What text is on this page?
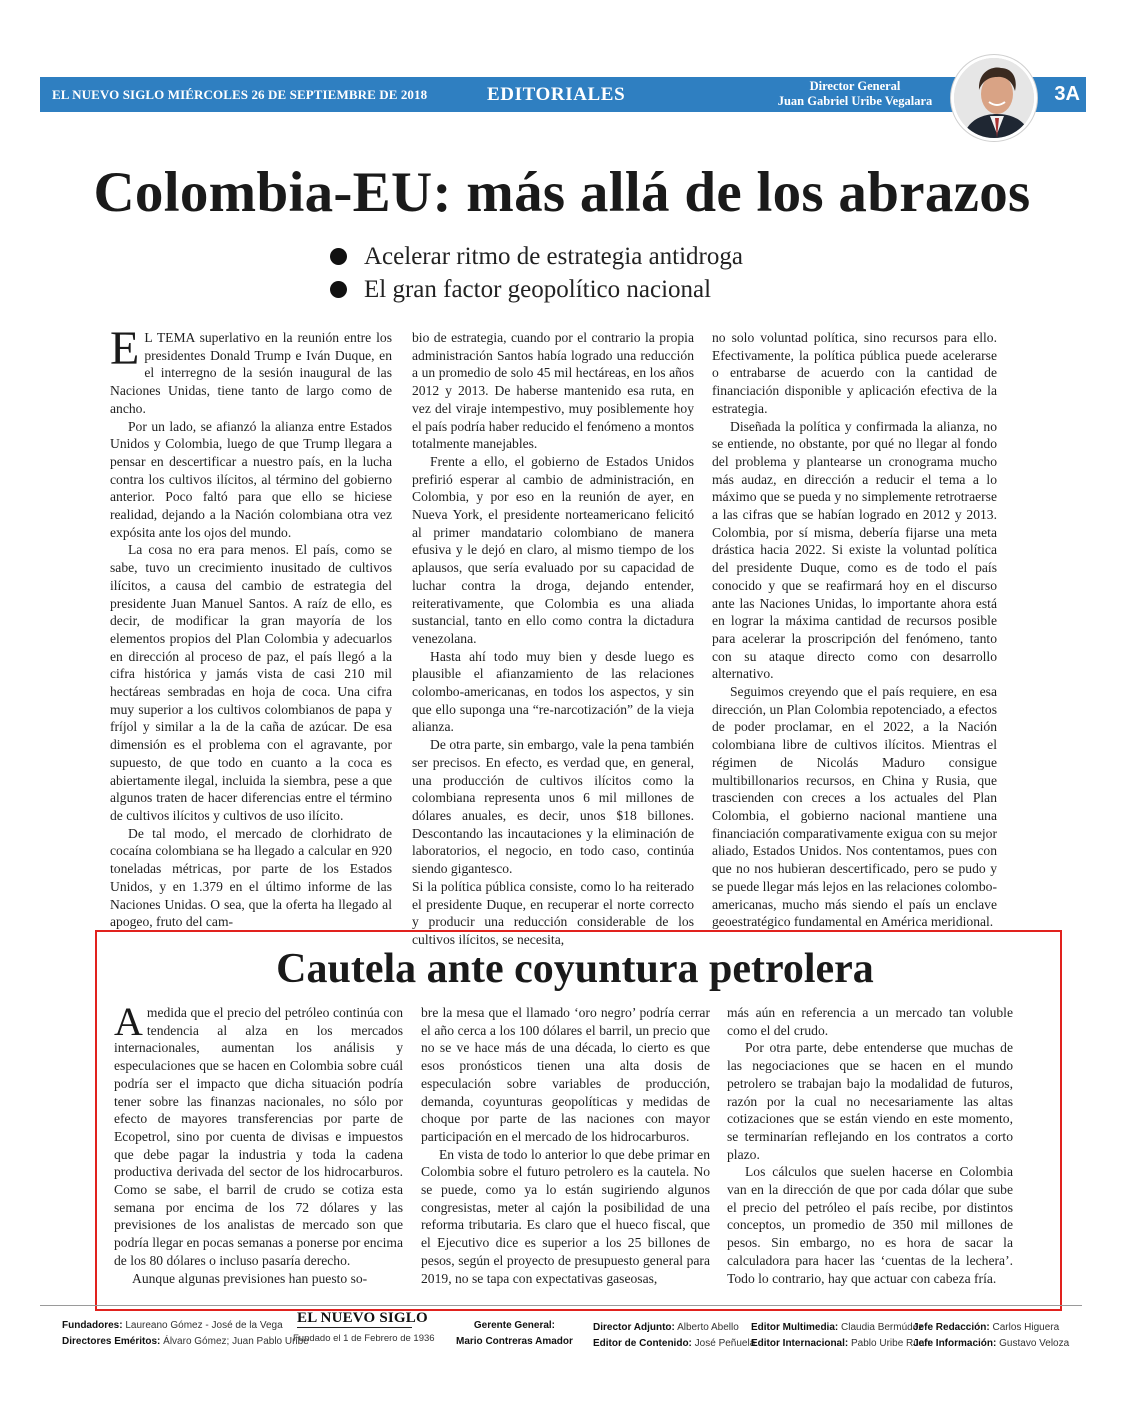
EL NUEVO SIGLO MIÉRCOLES 26 DE SEPTIEMBRE DE 2018	EDITORIALES	Director General
Juan Gabriel Uribe Vegalara	3A
Colombia-EU: más allá de los abrazos
Acelerar ritmo de estrategia antidroga
El gran factor geopolítico nacional

E L TEMA superlativo en la reunión entre los presidentes Donald Trump e Iván Duque, en el interregno de la sesión inaugural de las Naciones Unidas, tiene tanto de largo como de ancho.

Por un lado, se afianzó la alianza entre Estados Unidos y Colombia, luego de que Trump llegara a pensar en descertificar a nuestro país, en la lucha contra los cultivos ilícitos, al término del gobierno anterior. Poco faltó para que ello se hiciese realidad, dejando a la Nación colombiana otra vez expósita ante los ojos del mundo.

La cosa no era para menos. El país, como se sabe, tuvo un crecimiento inusitado de cultivos ilícitos, a causa del cambio de estrategia del presidente Juan Manuel Santos. A raíz de ello, es decir, de modificar la gran mayoría de los elementos propios del Plan Colombia y adecuarlos en dirección al proceso de paz, el país llegó a la cifra histórica y jamás vista de casi 210 mil hectáreas sembradas en hoja de coca. Una cifra muy superior a los cultivos colombianos de papa y fríjol y similar a la de la caña de azúcar. De esa dimensión es el problema con el agravante, por supuesto, de que todo en cuanto a la coca es abiertamente ilegal, incluida la siembra, pese a que algunos traten de hacer diferencias entre el término de cultivos ilícitos y cultivos de uso ilícito.

De tal modo, el mercado de clorhidrato de cocaína colombiana se ha llegado a calcular en 920 toneladas métricas, por parte de los Estados Unidos, y en 1.379 en el último informe de las Naciones Unidas. O sea, que la oferta ha llegado al apogeo, fruto del cam-

bio de estrategia, cuando por el contrario la propia administración Santos había logrado una reducción a un promedio de solo 45 mil hectáreas, en los años 2012 y 2013. De haberse mantenido esa ruta, en vez del viraje intempestivo, muy posiblemente hoy el país podría haber reducido el fenómeno a montos totalmente manejables.

Frente a ello, el gobierno de Estados Unidos prefirió esperar al cambio de administración, en Colombia, y por eso en la reunión de ayer, en Nueva York, el presidente norteamericano felicitó al primer mandatario colombiano de manera efusiva y le dejó en claro, al mismo tiempo de los aplausos, que sería evaluado por su capacidad de luchar contra la droga, dejando entender, reiterativamente, que Colombia es una aliada sustancial, tanto en ello como contra la dictadura venezolana.

Hasta ahí todo muy bien y desde luego es plausible el afianzamiento de las relaciones colombo-americanas, en todos los aspectos, y sin que ello suponga una “re-narcotización” de la vieja alianza.

De otra parte, sin embargo, vale la pena también ser precisos. En efecto, es verdad que, en general, una producción de cultivos ilícitos como la colombiana representa unos 6 mil millones de dólares anuales, es decir, unos $18 billones. Descontando las incautaciones y la eliminación de laboratorios, el negocio, en todo caso, continúa siendo gigantesco.

Si la política pública consiste, como lo ha reiterado el presidente Duque, en recuperar el norte correcto y producir una reducción considerable de los cultivos ilícitos, se necesita,

no solo voluntad política, sino recursos para ello. Efectivamente, la política pública puede acelerarse o entrabarse de acuerdo con la cantidad de financiación disponible y aplicación efectiva de la estrategia.

Diseñada la política y confirmada la alianza, no se entiende, no obstante, por qué no llegar al fondo del problema y plantearse un cronograma mucho más audaz, en dirección a reducir el tema a lo máximo que se pueda y no simplemente retrotraerse a las cifras que se habían logrado en 2012 y 2013. Colombia, por sí misma, debería fijarse una meta drástica hacia 2022. Si existe la voluntad política del presidente Duque, como es de todo el país conocido y que se reafirmará hoy en el discurso ante las Naciones Unidas, lo importante ahora está en lograr la máxima cantidad de recursos posible para acelerar la proscripción del fenómeno, tanto con su ataque directo como con desarrollo alternativo.

Seguimos creyendo que el país requiere, en esa dirección, un Plan Colombia repotenciado, a efectos de poder proclamar, en el 2022, a la Nación colombiana libre de cultivos ilícitos. Mientras el régimen de Nicolás Maduro consigue multibillonarios recursos, en China y Rusia, que trascienden con creces a los actuales del Plan Colombia, el gobierno nacional mantiene una financiación comparativamente exigua con su mejor aliado, Estados Unidos. Nos contentamos, pues con que no nos hubieran descertificado, pero se pudo y se puede llegar más lejos en las relaciones colombo-americanas, mucho más siendo el país un enclave geoestratégico fundamental en América meridional.

Cautela ante coyuntura petrolera

Amedida que el precio del petróleo continúa con tendencia al alza en los mercados internacionales, aumentan los análisis y especulaciones que se hacen en Colombia sobre cuál podría ser el impacto que dicha situación podría tener sobre las finanzas nacionales, no sólo por efecto de mayores transferencias por parte de Ecopetrol, sino por cuenta de divisas e impuestos que debe pagar la industria y toda la cadena productiva derivada del sector de los hidrocarburos. Como se sabe, el barril de crudo se cotiza esta semana por encima de los 72 dólares y las previsiones de los analistas de mercado son que podría llegar en pocas semanas a ponerse por encima de los 80 dólares o incluso pasaría derecho.

Aunque algunas previsiones han puesto so-

bre la mesa que el llamado ‘oro negro’ podría cerrar el año cerca a los 100 dólares el barril, un precio que no se ve hace más de una década, lo cierto es que esos pronósticos tienen una alta dosis de especulación sobre variables de producción, demanda, coyunturas geopolíticas y medidas de choque por parte de las naciones con mayor participación en el mercado de los hidrocarburos.

En vista de todo lo anterior lo que debe primar en Colombia sobre el futuro petrolero es la cautela. No se puede, como ya lo están sugiriendo algunos congresistas, meter al cajón la posibilidad de una reforma tributaria. Es claro que el hueco fiscal, que el Ejecutivo dice es superior a los 25 billones de pesos, según el proyecto de presupuesto general para 2019, no se tapa con expectativas gaseosas,

más aún en referencia a un mercado tan voluble como el del crudo.

Por otra parte, debe entenderse que muchas de las negociaciones que se hacen en el mundo petrolero se trabajan bajo la modalidad de futuros, razón por la cual no necesariamente las altas cotizaciones que se están viendo en este momento, se terminarían reflejando en los contratos a corto plazo.

Los cálculos que suelen hacerse en Colombia van en la dirección de que por cada dólar que sube el precio del petróleo el país recibe, por distintos conceptos, un promedio de 350 mil millones de pesos. Sin embargo, no es hora de sacar la calculadora para hacer las ‘cuentas de la lechera’. Todo lo contrario, hay que actuar con cabeza fría.

Fundadores: Laureano Gómez - José de la Vega
Directores Eméritos: Álvaro Gómez; Juan Pablo Uribe
EL NUEVO SIGLO
Fundado el 1 de Febrero de 1936
Gerente General:
Mario Contreras Amador
Director Adjunto: Alberto Abello
Editor de Contenido: José Peñuela
Editor Multimedia: Claudia Bermúdez
Editor Internacional: Pablo Uribe Ruan
Jefe Redacción: Carlos Higuera
Jefe Información: Gustavo Veloza
